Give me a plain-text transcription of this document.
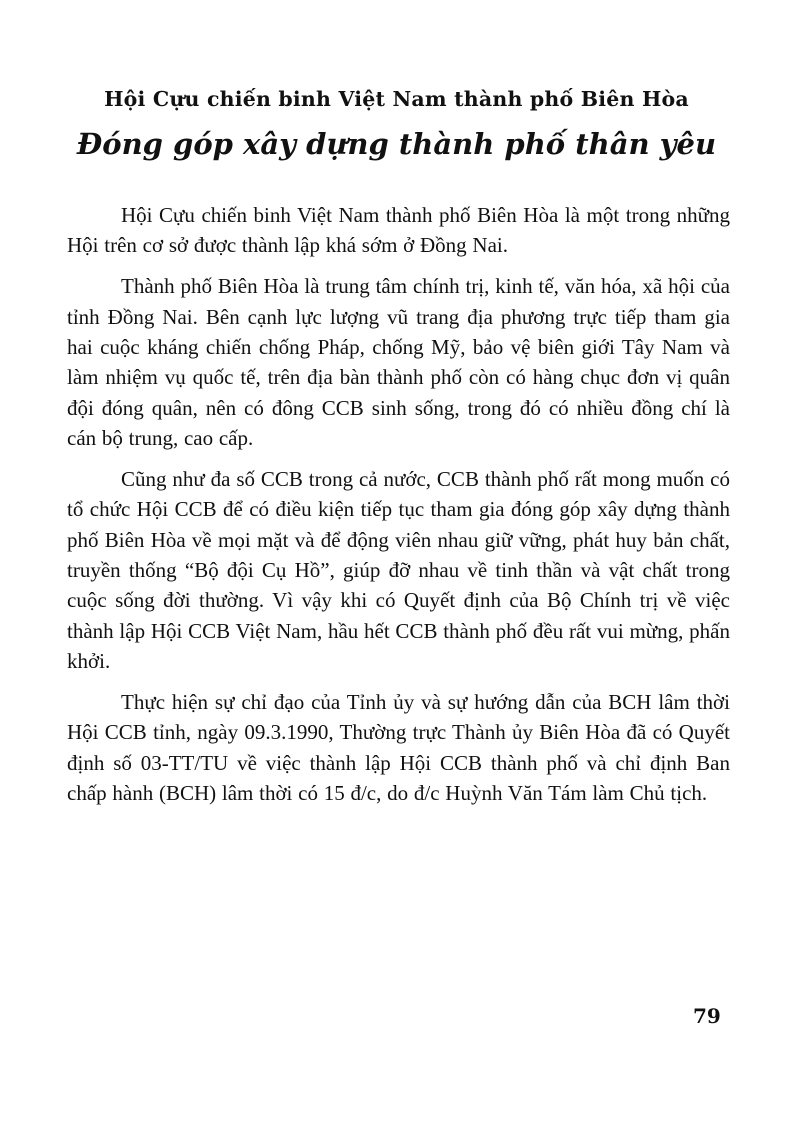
Hội Cựu chiến binh Việt Nam thành phố Biên Hòa
Đóng góp xây dựng thành phố thân yêu

Hội Cựu chiến binh Việt Nam thành phố Biên Hòa là một trong những Hội trên cơ sở được thành lập khá sớm ở Đồng Nai.

Thành phố Biên Hòa là trung tâm chính trị, kinh tế, văn hóa, xã hội của tỉnh Đồng Nai. Bên cạnh lực lượng vũ trang địa phương trực tiếp tham gia hai cuộc kháng chiến chống Pháp, chống Mỹ, bảo vệ biên giới Tây Nam và làm nhiệm vụ quốc tế, trên địa bàn thành phố còn có hàng chục đơn vị quân đội đóng quân, nên có đông CCB sinh sống, trong đó có nhiều đồng chí là cán bộ trung, cao cấp.

Cũng như đa số CCB trong cả nước, CCB thành phố rất mong muốn có tổ chức Hội CCB để có điều kiện tiếp tục tham gia đóng góp xây dựng thành phố Biên Hòa về mọi mặt và để động viên nhau giữ vững, phát huy bản chất, truyền thống “Bộ đội Cụ Hồ”, giúp đỡ nhau về tinh thần và vật chất trong cuộc sống đời thường. Vì vậy khi có Quyết định của Bộ Chính trị về việc thành lập Hội CCB Việt Nam, hầu hết CCB thành phố đều rất vui mừng, phấn khởi.

Thực hiện sự chỉ đạo của Tỉnh ủy và sự hướng dẫn của BCH lâm thời Hội CCB tỉnh, ngày 09.3.1990, Thường trực Thành ủy Biên Hòa đã có Quyết định số 03-TT/TU về việc thành lập Hội CCB thành phố và chỉ định Ban chấp hành (BCH) lâm thời có 15 đ/c, do đ/c Huỳnh Văn Tám làm Chủ tịch.

79
